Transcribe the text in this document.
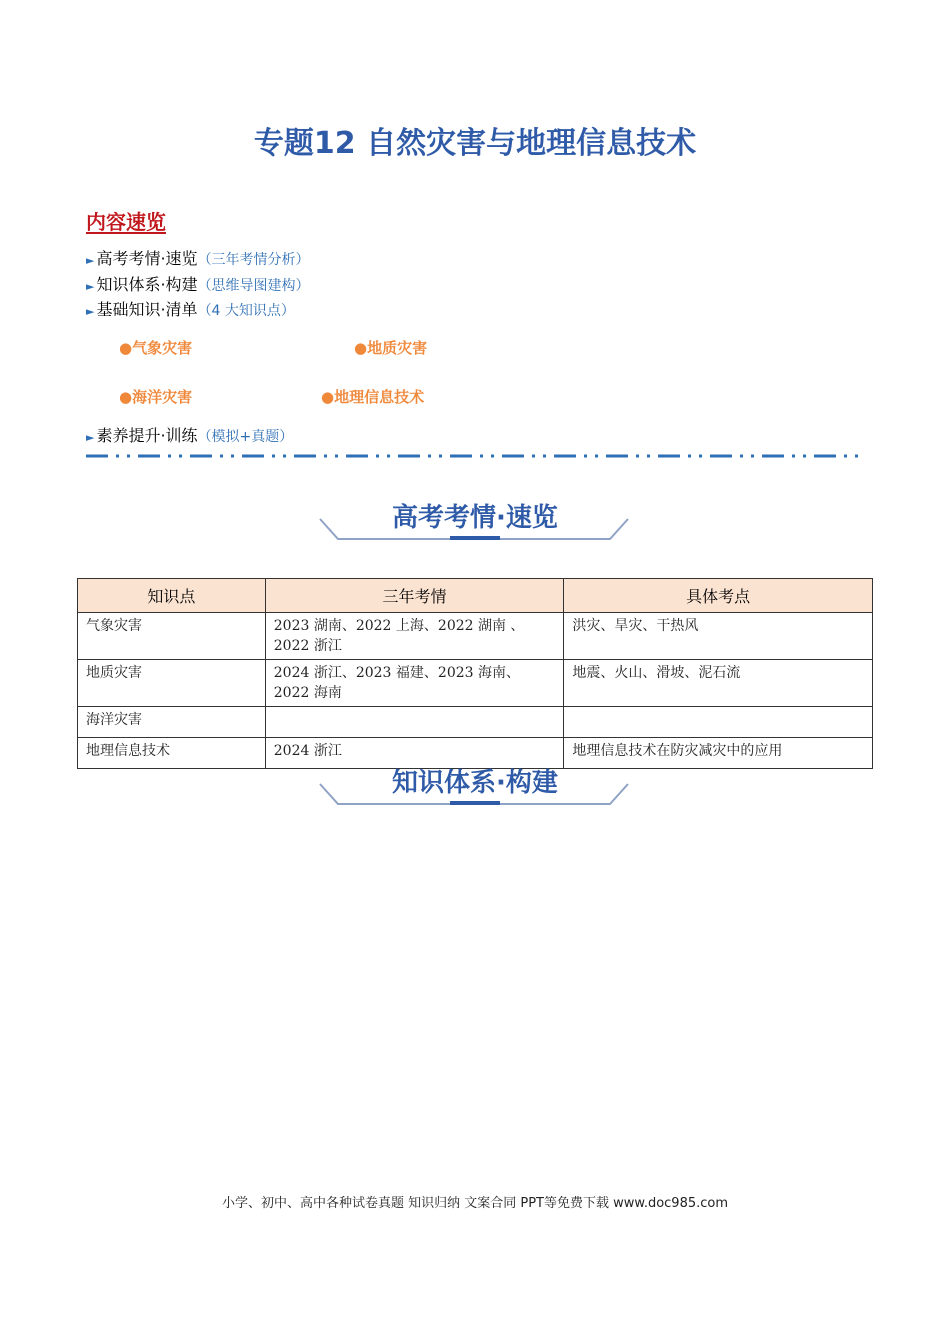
专题12 自然灾害与地理信息技术
内容速览
► 高考考情·速览（三年考情分析）
► 知识体系·构建（思维导图建构）
► 基础知识·清单（4 大知识点）
●气象灾害	●地质灾害
●海洋灾害	●地理信息技术
► 素养提升·训练（模拟+真题）
高考考情·速览
知识点	三年考情	具体考点
气象灾害	2023 湖南、2022 上海、2022 湖南 、2022 浙江	洪灾、旱灾、干热风
地质灾害	2024 浙江、2023 福建、2023 海南、2022 海南	地震、火山、滑坡、泥石流
海洋灾害		
地理信息技术	2024 浙江	地理信息技术在防灾减灾中的应用
知识体系·构建
小学、初中、高中各种试卷真题 知识归纳 文案合同 PPT等免费下载 www.doc985.com
